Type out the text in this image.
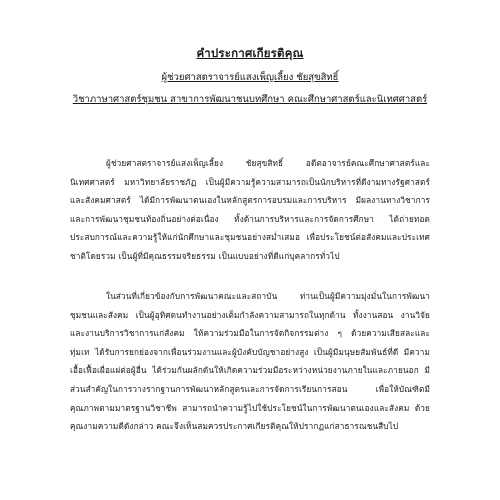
คำประกาศเกียรติคุณ
ผู้ช่วยศาสตราจารย์แสงเพ็ญเลี้ยง ชัยสุขสิทธิ์
วิชาภาษาศาสตร์ชุมชน สาขาการพัฒนาชนบทศึกษา คณะศึกษาศาสตร์และนิเทศศาสตร์

ผู้ช่วยศาสตราจารย์แสงเพ็ญเลี้ยง ชัยสุขสิทธิ์ อดีตอาจารย์คณะศึกษาศาสตร์และนิเทศศาสตร์ มหาวิทยาลัยราชภัฏ เป็นผู้มีความรู้ความสามารถเป็นนักบริหารที่ดีงามทางรัฐศาสตร์และสังคมศาสตร์ ได้มีการพัฒนาตนเองในหลักสูตรการอบรมและการบริหาร มีผลงานทางวิชาการและการพัฒนาชุมชนท้องถิ่นอย่างต่อเนื่อง ทั้งด้านการบริหารและการจัดการศึกษา ได้ถ่ายทอดประสบการณ์และความรู้ให้แก่นักศึกษาและชุมชนอย่างสม่ำเสมอ เพื่อประโยชน์ต่อสังคมและประเทศชาติโดยรวม เป็นผู้ที่มีคุณธรรมจริยธรรม เป็นแบบอย่างที่ดีแก่บุคลากรทั่วไป

ในส่วนที่เกี่ยวข้องกับการพัฒนาคณะและสถาบัน ท่านเป็นผู้มีความมุ่งมั่นในการพัฒนาชุมชนและสังคม เป็นผู้อุทิศตนทำงานอย่างเต็มกำลังความสามารถในทุกด้าน ทั้งงานสอน งานวิจัย และงานบริการวิชาการแก่สังคม ให้ความร่วมมือในการจัดกิจกรรมต่าง ๆ ด้วยความเสียสละและทุ่มเท ได้รับการยกย่องจากเพื่อนร่วมงานและผู้บังคับบัญชาอย่างสูง เป็นผู้มีมนุษยสัมพันธ์ที่ดี มีความเอื้อเฟื้อเผื่อแผ่ต่อผู้อื่น ได้ร่วมกันผลักดันให้เกิดความร่วมมือระหว่างหน่วยงานภายในและภายนอก มีส่วนสำคัญในการวางรากฐานการพัฒนาหลักสูตรและการจัดการเรียนการสอน เพื่อให้บัณฑิตมีคุณภาพตามมาตรฐานวิชาชีพ สามารถนำความรู้ไปใช้ประโยชน์ในการพัฒนาตนเองและสังคม ด้วยคุณงามความดีดังกล่าว คณะจึงเห็นสมควรประกาศเกียรติคุณให้ปรากฏแก่สาธารณชนสืบไป
